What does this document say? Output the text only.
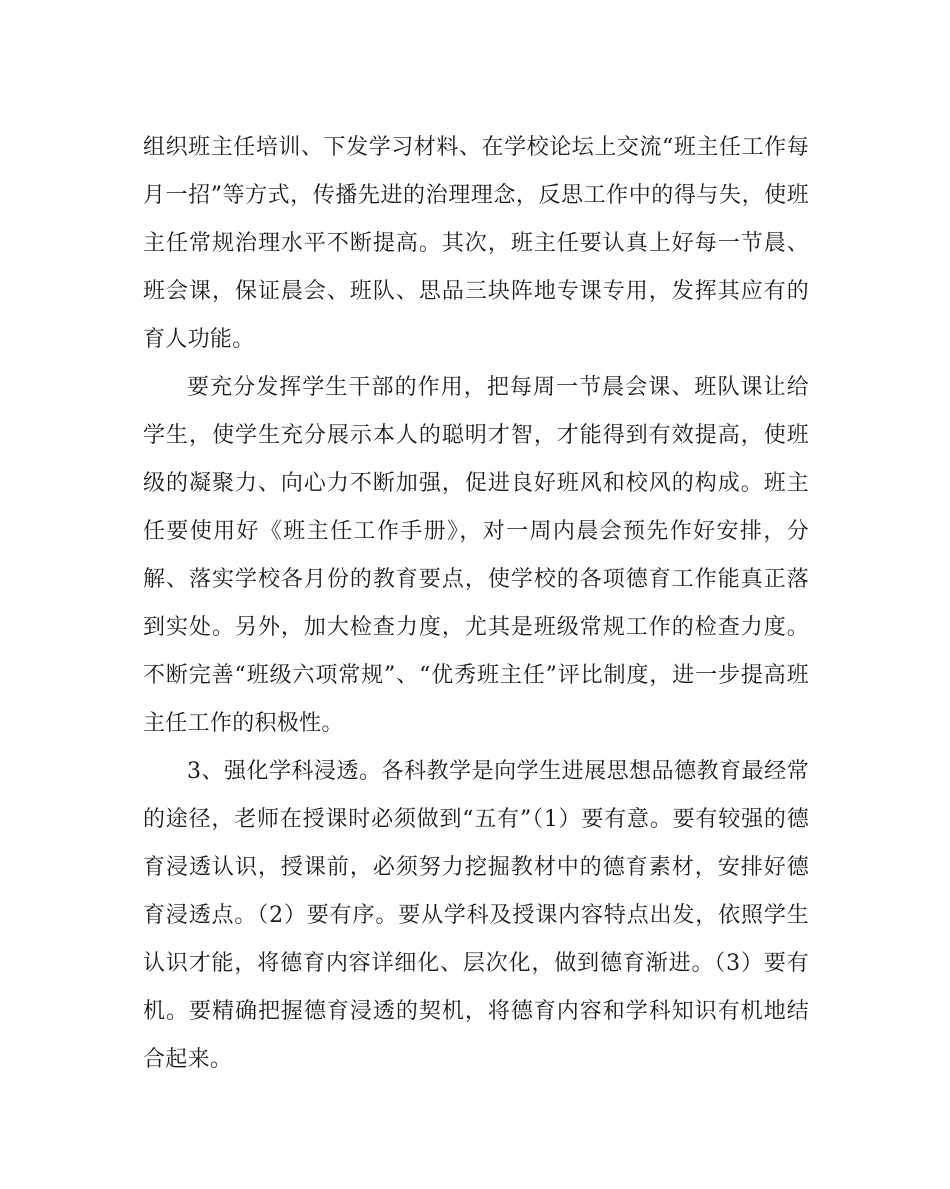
组织班主任培训、下发学习材料、在学校论坛上交流“班主任工作每月一招”等方式，传播先进的治理理念，反思工作中的得与失，使班主任常规治理水平不断提高。其次，班主任要认真上好每一节晨、班会课，保证晨会、班队、思品三块阵地专课专用，发挥其应有的育人功能。

要充分发挥学生干部的作用，把每周一节晨会课、班队课让给学生，使学生充分展示本人的聪明才智，才能得到有效提高，使班级的凝聚力、向心力不断加强，促进良好班风和校风的构成。班主任要使用好《班主任工作手册》，对一周内晨会预先作好安排，分解、落实学校各月份的教育要点，使学校的各项德育工作能真正落到实处。另外，加大检查力度，尤其是班级常规工作的检查力度。不断完善“班级六项常规”、“优秀班主任”评比制度，进一步提高班主任工作的积极性。

3、强化学科浸透。各科教学是向学生进展思想品德教育最经常的途径，老师在授课时必须做到“五有”（1）要有意。要有较强的德育浸透认识，授课前，必须努力挖掘教材中的德育素材，安排好德育浸透点。（2）要有序。要从学科及授课内容特点出发，依照学生认识才能，将德育内容详细化、层次化，做到德育渐进。（3）要有机。要精确把握德育浸透的契机，将德育内容和学科知识有机地结合起来。
